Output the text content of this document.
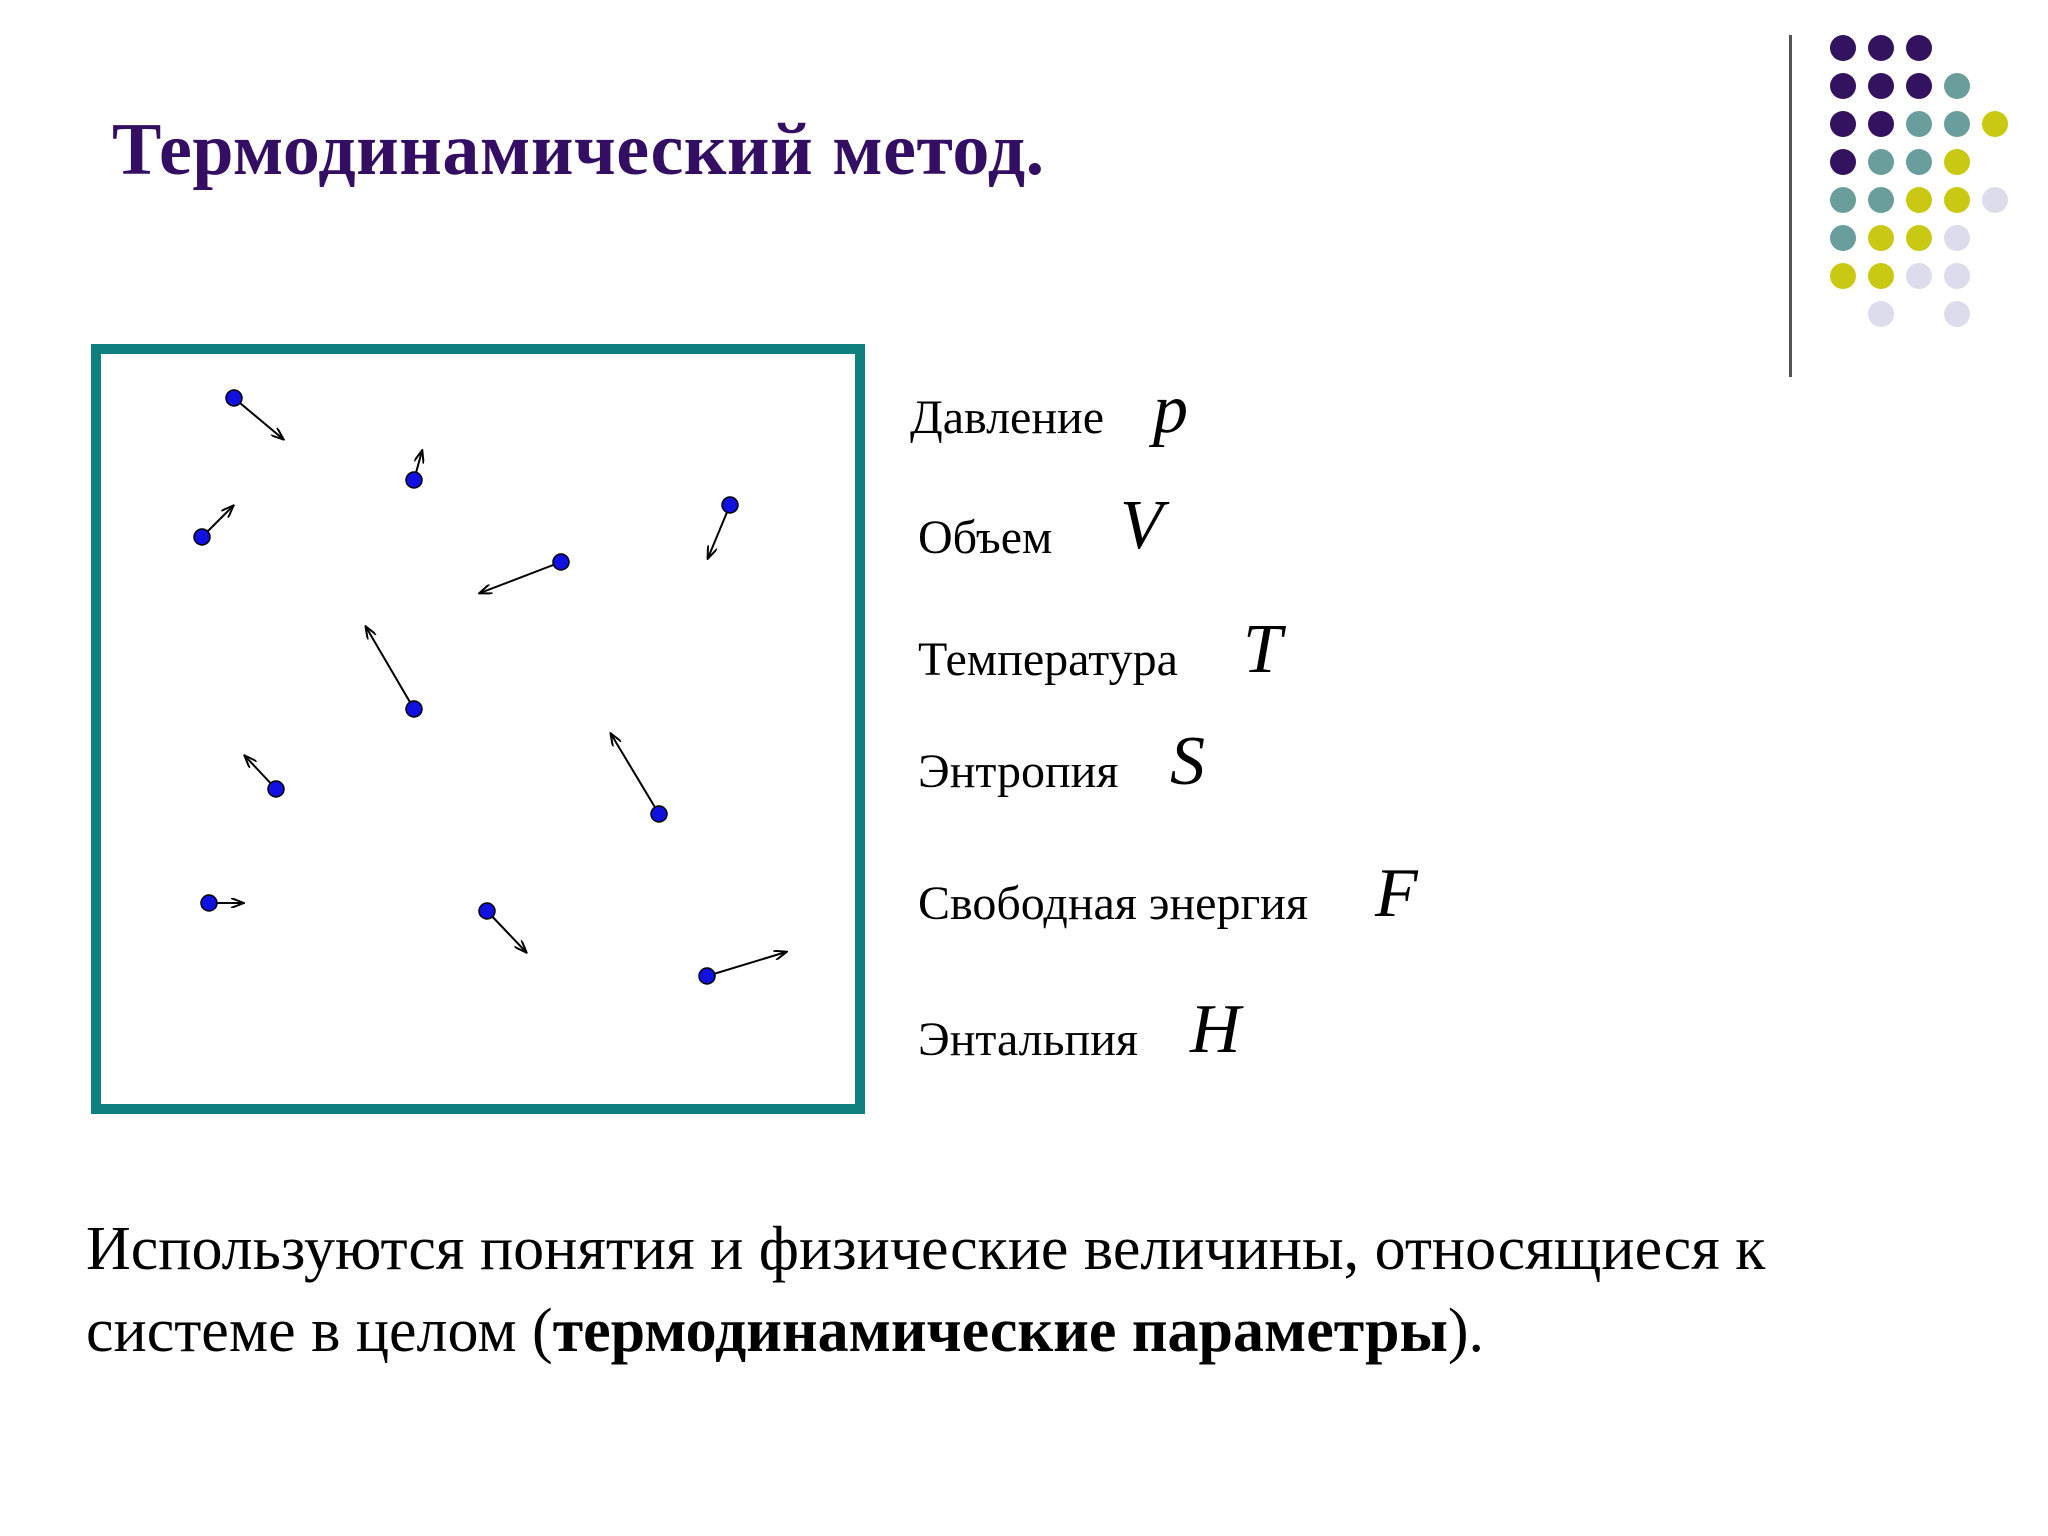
Термодинамический метод.
Давление p
Объем V
Температура T
Энтропия S
Свободная энергия F
Энтальпия H

Используются понятия и физические величины, относящиеся к системе в целом (термодинамические параметры).
